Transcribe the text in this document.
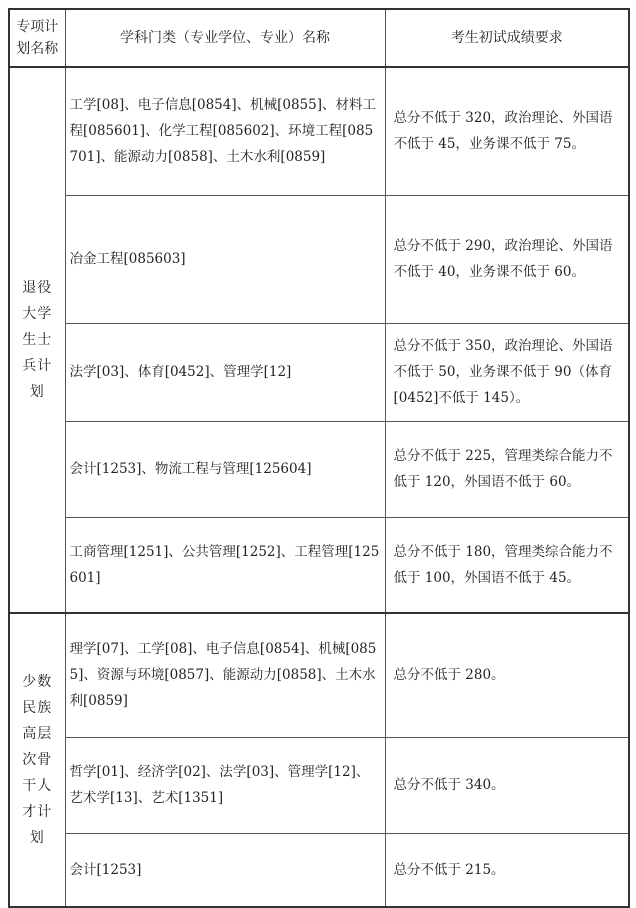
专项计划名称	学科门类（专业学位、专业）名称	考生初试成绩要求

退役大学生士兵计划	工学[08]、电子信息[0854]、机械[0855]、材料工程[085601]、化学工程[085602]、环境工程[085701]、能源动力[0858]、土木水利[0859]	总分不低于 320，政治理论、外国语不低于 45，业务课不低于 75。
	冶金工程[085603]	总分不低于 290，政治理论、外国语不低于 40，业务课不低于 60。
	法学[03]、体育[0452]、管理学[12]	总分不低于 350，政治理论、外国语不低于 50，业务课不低于 90（体育[0452]不低于 145）。
	会计[1253]、物流工程与管理[125604]	总分不低于 225，管理类综合能力不低于 120，外国语不低于 60。
	工商管理[1251]、公共管理[1252]、工程管理[125601]	总分不低于 180，管理类综合能力不低于 100，外国语不低于 45。
少数民族高层次骨干人才计划	理学[07]、工学[08]、电子信息[0854]、机械[0855]、资源与环境[0857]、能源动力[0858]、土木水利[0859]	总分不低于 280。
	哲学[01]、经济学[02]、法学[03]、管理学[12]、艺术学[13]、艺术[1351]	总分不低于 340。
	会计[1253]	总分不低于 215。
